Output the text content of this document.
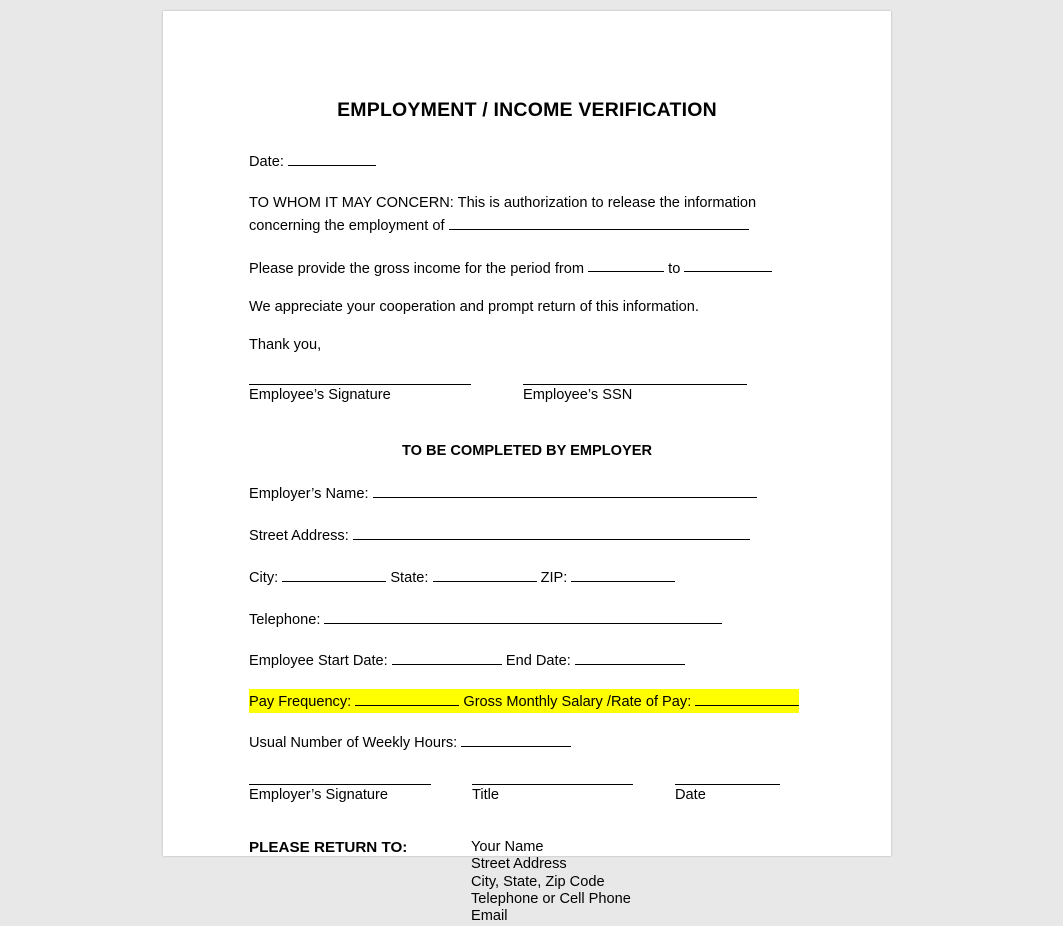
EMPLOYMENT / INCOME VERIFICATION
Date:
TO WHOM IT MAY CONCERN: This is authorization to release the information
concerning the employment of
Please provide the gross income for the period from	to
We appreciate your cooperation and prompt return of this information.
Thank you,
Employee’s Signature	Employee’s SSN
TO BE COMPLETED BY EMPLOYER
Employer’s Name:
Street Address:
City:	State:	ZIP:
Telephone:
Employee Start Date:	End Date:
Pay Frequency:	Gross Monthly Salary /Rate of Pay:
Usual Number of Weekly Hours:
Employer’s Signature	Title	Date
PLEASE RETURN TO:	Your Name
Street Address
City, State, Zip Code
Telephone or Cell Phone
Email
